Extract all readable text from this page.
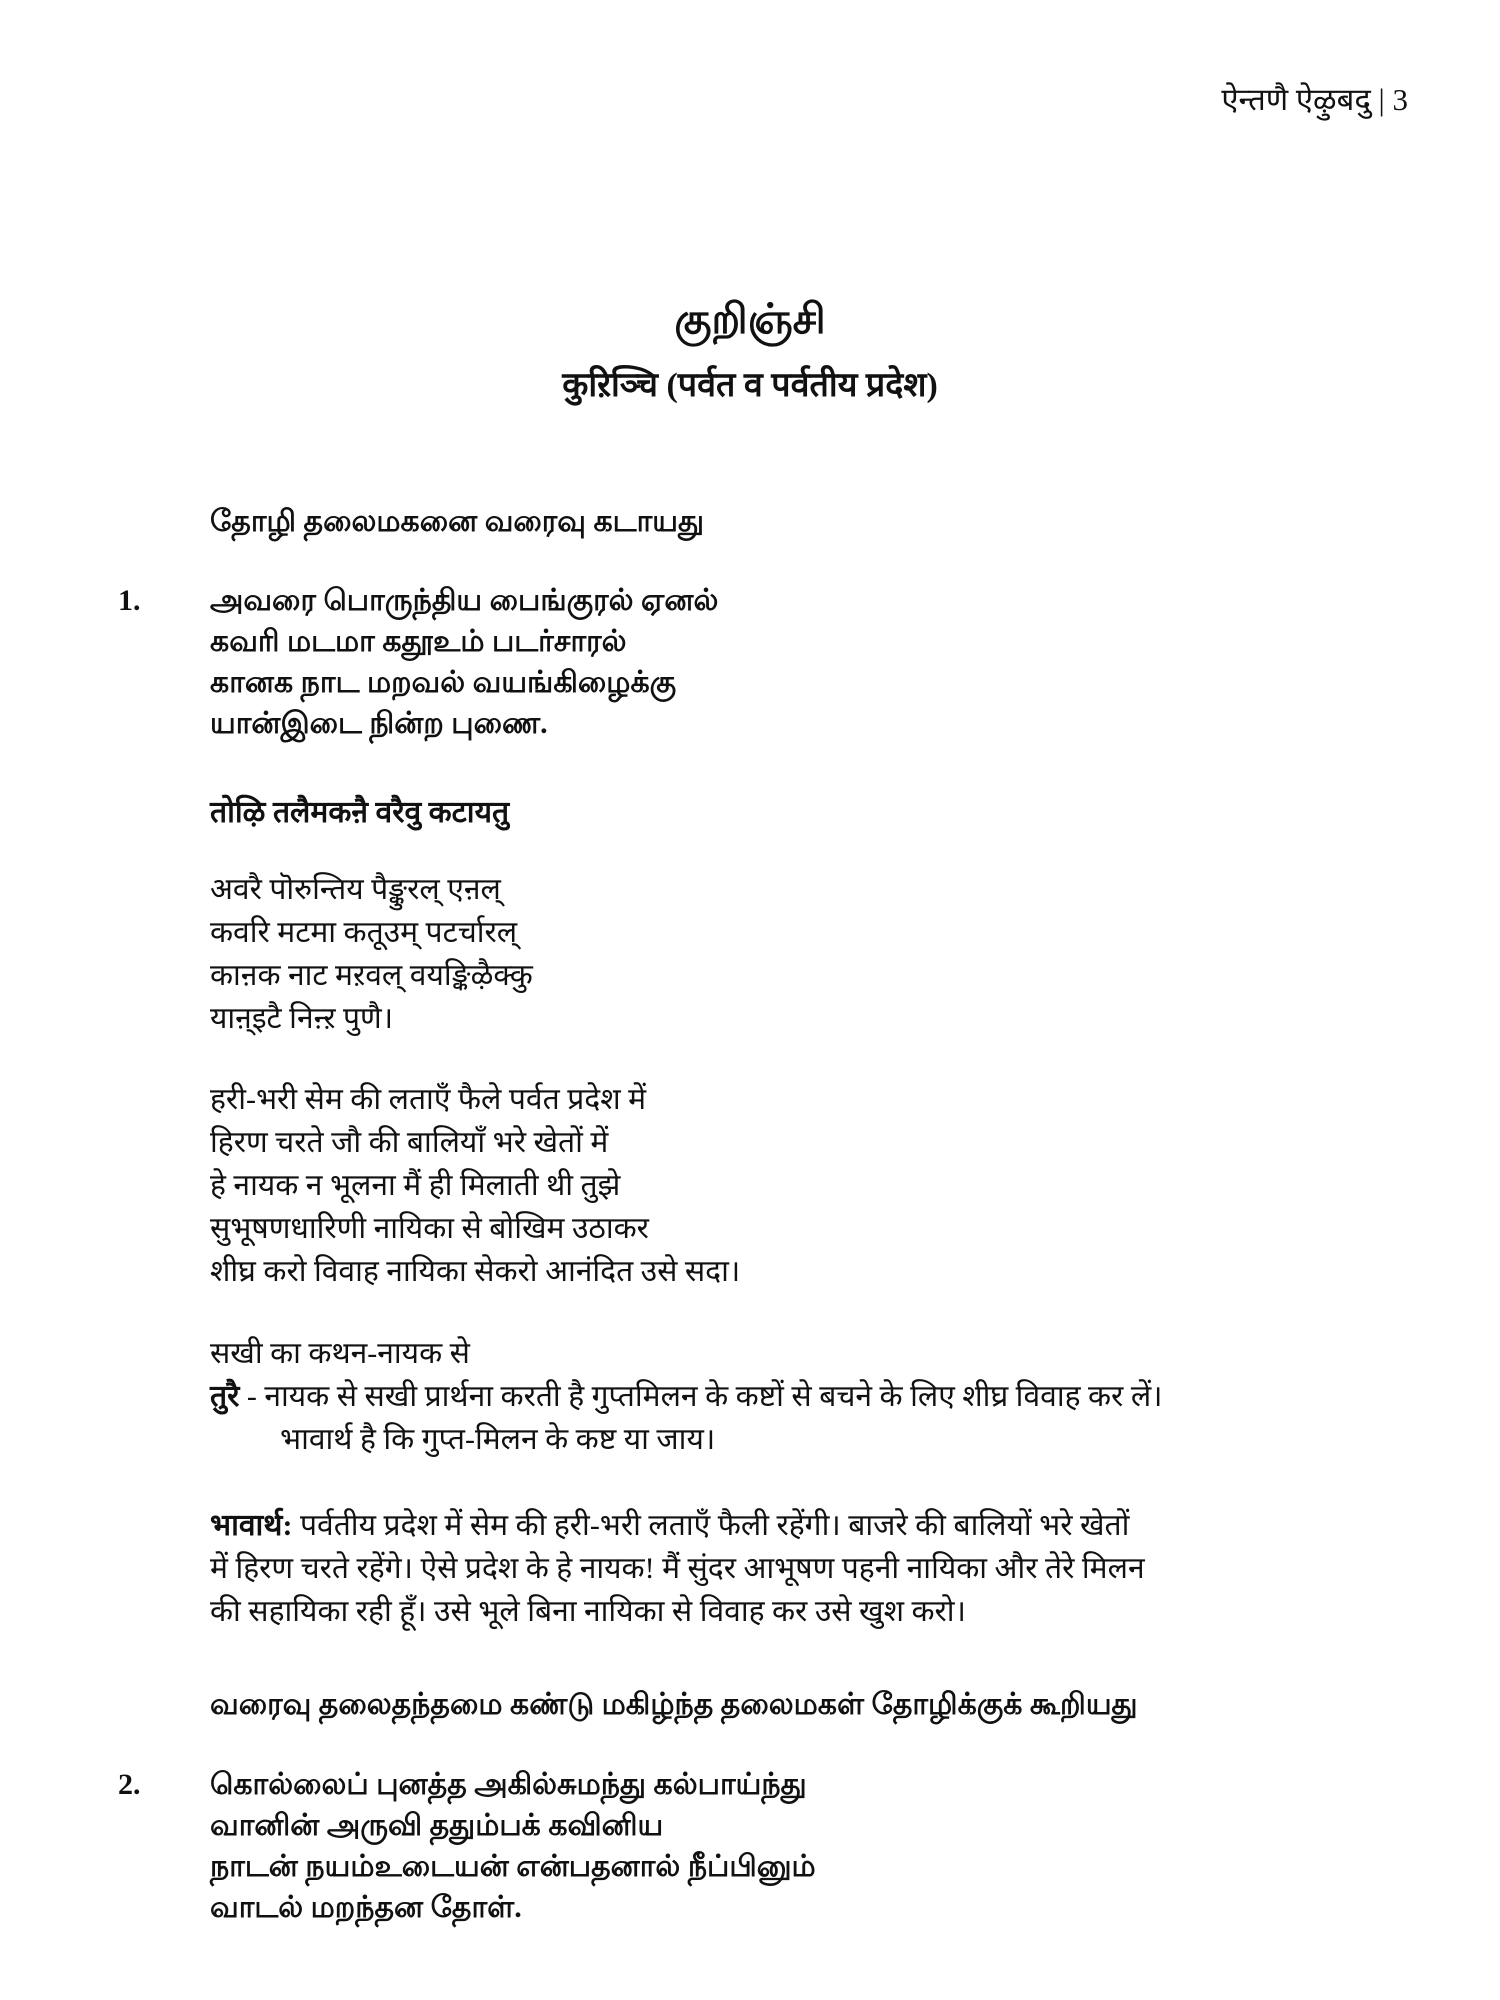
ऐन्तणै ऐऴुबदु | 3
குறிஞ்சி
कुऱिञ्चि (पर्वत व पर्वतीय प्रदेश)
தோழி தலைமகனை வரைவு கடாயது
1. அவரை பொருந்திய பைங்குரல் ஏனல்
கவரி மடமா கதூஉம் படர்சாரல்
கானக நாட மறவல் வயங்கிழைக்கு
யான்இடை நின்ற புணை.
तोऴि तलैमकऩै वरैवु कटायतु
अवरै पॊरुन्तिय पैङ्कुरल् एऩल्
कवरि मटमा कतूउम् पटर्चारल्
काऩक नाट मऱवल् वयङ्किऴैक्कु
याऩ्इटै निऩ्ऱ पुणै।
हरी-भरी सेम की लताएँ फैले पर्वत प्रदेश में
हिरण चरते जौ की बालियाँ भरे खेतों में
हे नायक न भूलना मैं ही मिलाती थी तुझे
सुभूषणधारिणी नायिका से बोखिम उठाकर
शीघ्र करो विवाह नायिका सेकरो आनंदित उसे सदा।
सखी का कथन-नायक से
तुरै - नायक से सखी प्रार्थना करती है गुप्तमिलन के कष्टों से बचने के लिए शीघ्र विवाह कर लें।
भावार्थ है कि गुप्त-मिलन के कष्ट या जाय।
भावार्थ: पर्वतीय प्रदेश में सेम की हरी-भरी लताएँ फैली रहेंगी। बाजरे की बालियों भरे खेतों
में हिरण चरते रहेंगे। ऐसे प्रदेश के हे नायक! मैं सुंदर आभूषण पहनी नायिका और तेरे मिलन
की सहायिका रही हूँ। उसे भूले बिना नायिका से विवाह कर उसे खुश करो।
வரைவு தலைதந்தமை கண்டு மகிழ்ந்த தலைமகள் தோழிக்குக் கூறியது
2. கொல்லைப் புனத்த அகில்சுமந்து கல்பாய்ந்து
வானின் அருவி ததும்பக் கவினிய
நாடன் நயம்உடையன் என்பதனால் நீப்பினும்
வாடல் மறந்தன தோள்.
